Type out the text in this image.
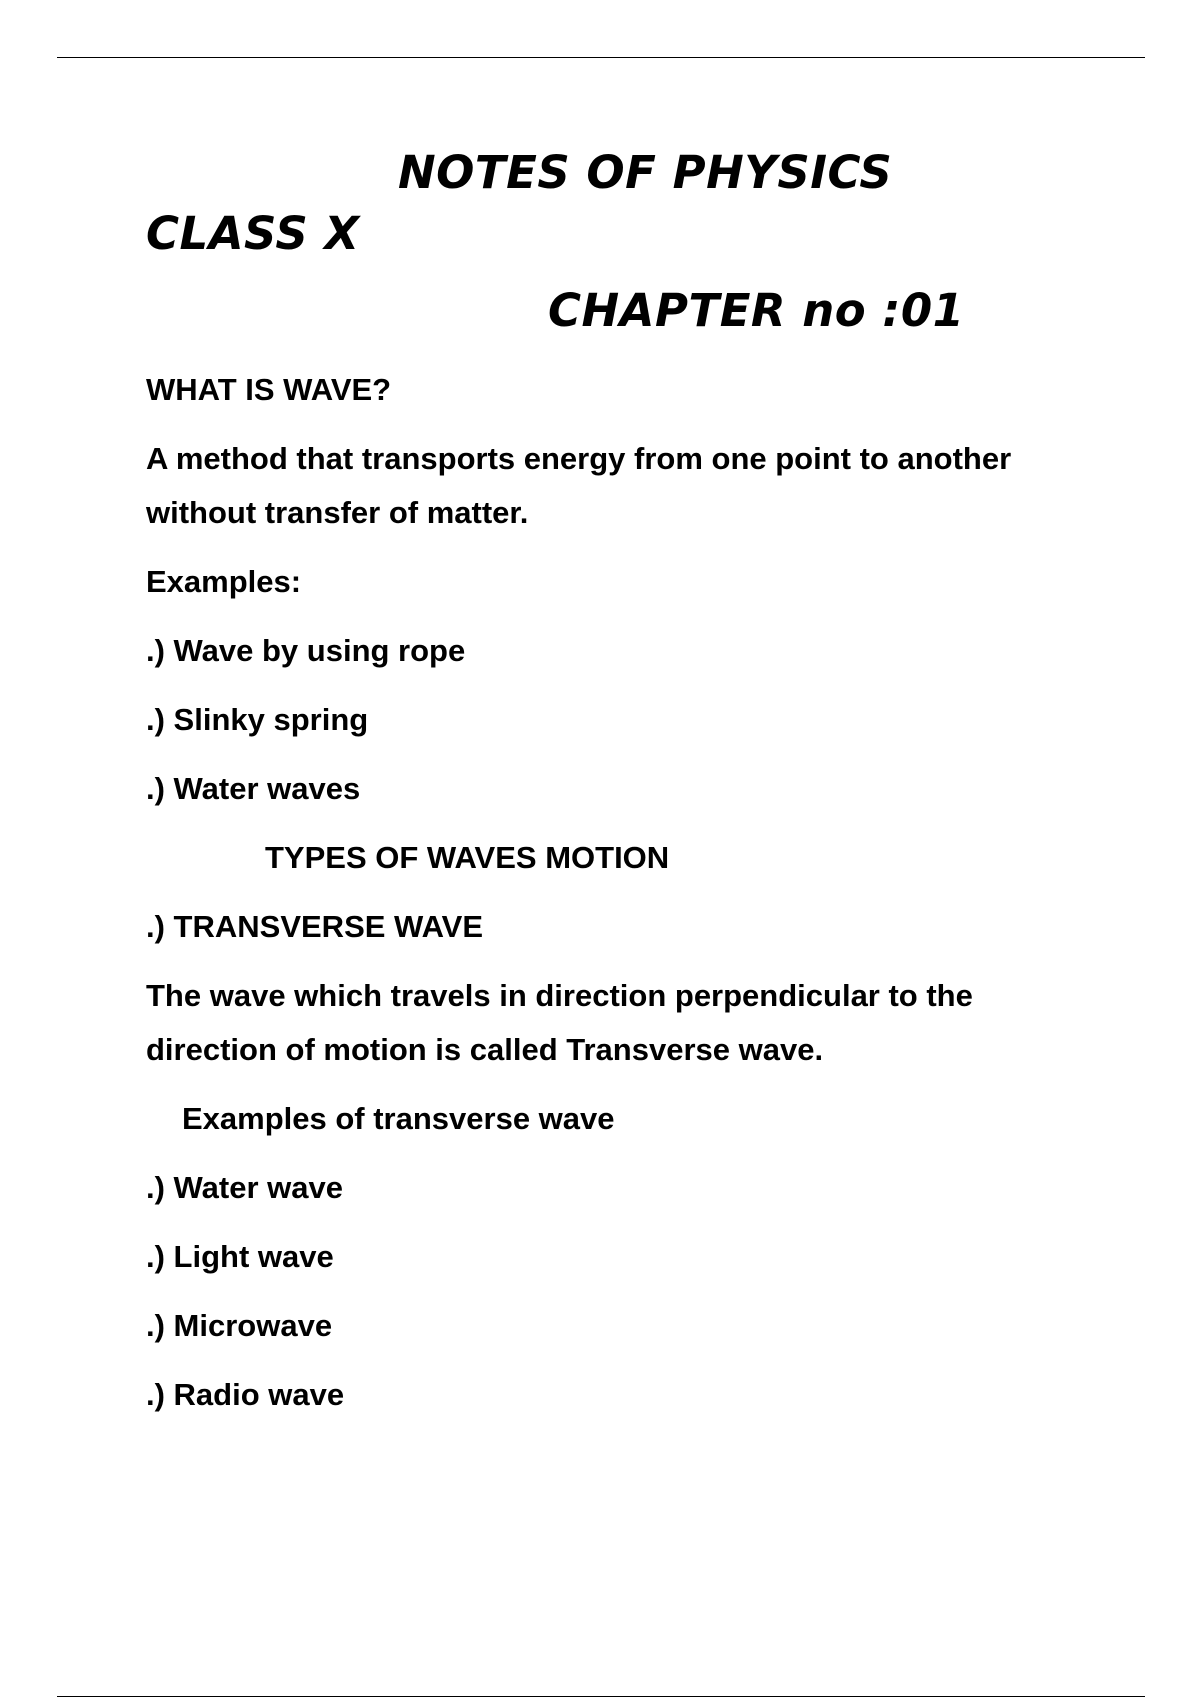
NOTES OF PHYSICS
CLASS X
CHAPTER no :01

WHAT IS WAVE?

A method that transports energy from one point to another without transfer of matter.

Examples:

.) Wave by using rope

.) Slinky spring

.) Water waves

TYPES OF WAVES MOTION

.) TRANSVERSE WAVE

The wave which travels in direction perpendicular to the direction of motion is called Transverse wave.

Examples of transverse wave

.) Water wave

.) Light wave

.) Microwave

.) Radio wave
